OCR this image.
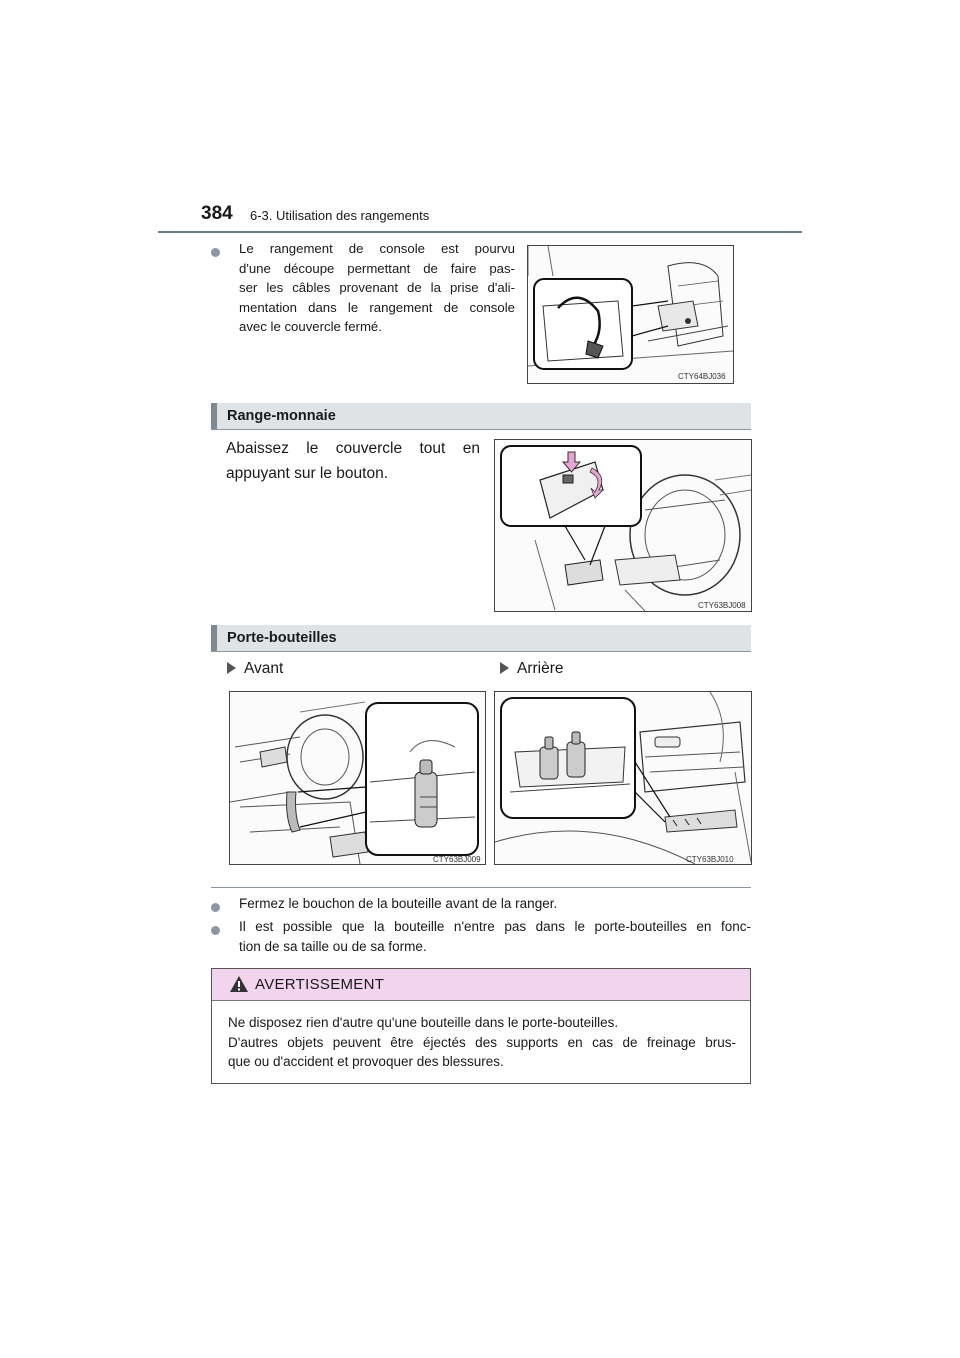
384 6-3. Utilisation des rangements
Le rangement de console est pourvu
d'une découpe permettant de faire pas-
ser les câbles provenant de la prise d'ali-
mentation dans le rangement de console
avec le couvercle fermé.
CTY64BJ036
Range-monnaie
Abaissez le couvercle tout en
appuyant sur le bouton.
CTY63BJ008
Porte-bouteilles
Avant	Arrière
CTY63BJ009	CTY63BJ010
Fermez le bouchon de la bouteille avant de la ranger.
Il est possible que la bouteille n'entre pas dans le porte-bouteilles en fonc-
tion de sa taille ou de sa forme.
AVERTISSEMENT
Ne disposez rien d'autre qu'une bouteille dans le porte-bouteilles.
D'autres objets peuvent être éjectés des supports en cas de freinage brus-
que ou d'accident et provoquer des blessures.
